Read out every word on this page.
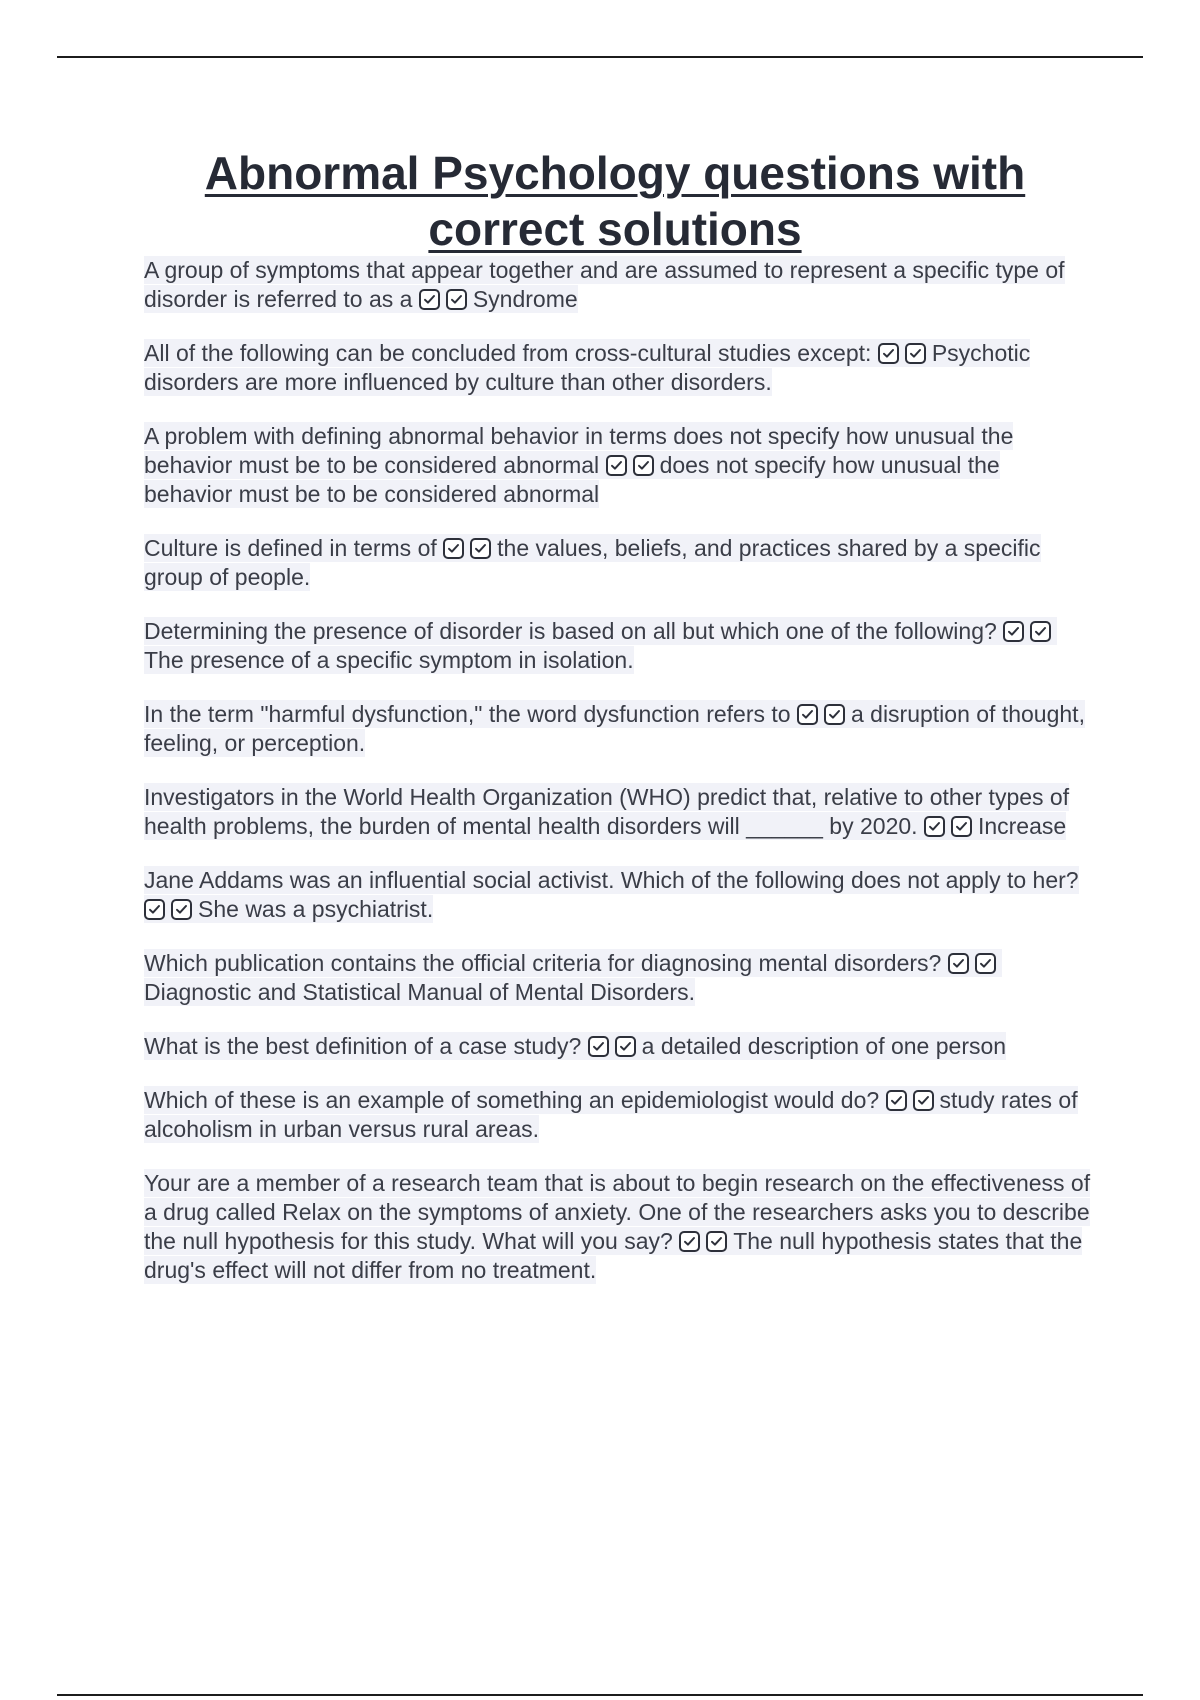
Abnormal Psychology questions with correct solutions
A group of symptoms that appear together and are assumed to represent a specific type of disorder is referred to as a	Syndrome
All of the following can be concluded from cross-cultural studies except:	Psychotic disorders are more influenced by culture than other disorders.
A problem with defining abnormal behavior in terms does not specify how unusual the behavior must be to be considered abnormal	does not specify how unusual the behavior must be to be considered abnormal
Culture is defined in terms of	the values, beliefs, and practices shared by a specific group of people.
Determining the presence of disorder is based on all but which one of the following?
The presence of a specific symptom in isolation.
In the term "harmful dysfunction," the word dysfunction refers to	a disruption of thought, feeling, or perception.
Investigators in the World Health Organization (WHO) predict that, relative to other types of health problems, the burden of mental health disorders will ______ by 2020.	Increase
Jane Addams was an influential social activist. Which of the following does not apply to her?
She was a psychiatrist.
Which publication contains the official criteria for diagnosing mental disorders?
Diagnostic and Statistical Manual of Mental Disorders.
What is the best definition of a case study?	a detailed description of one person
Which of these is an example of something an epidemiologist would do?	study rates of alcoholism in urban versus rural areas.
Your are a member of a research team that is about to begin research on the effectiveness of a drug called Relax on the symptoms of anxiety. One of the researchers asks you to describe the null hypothesis for this study. What will you say?	The null hypothesis states that the drug's effect will not differ from no treatment.
